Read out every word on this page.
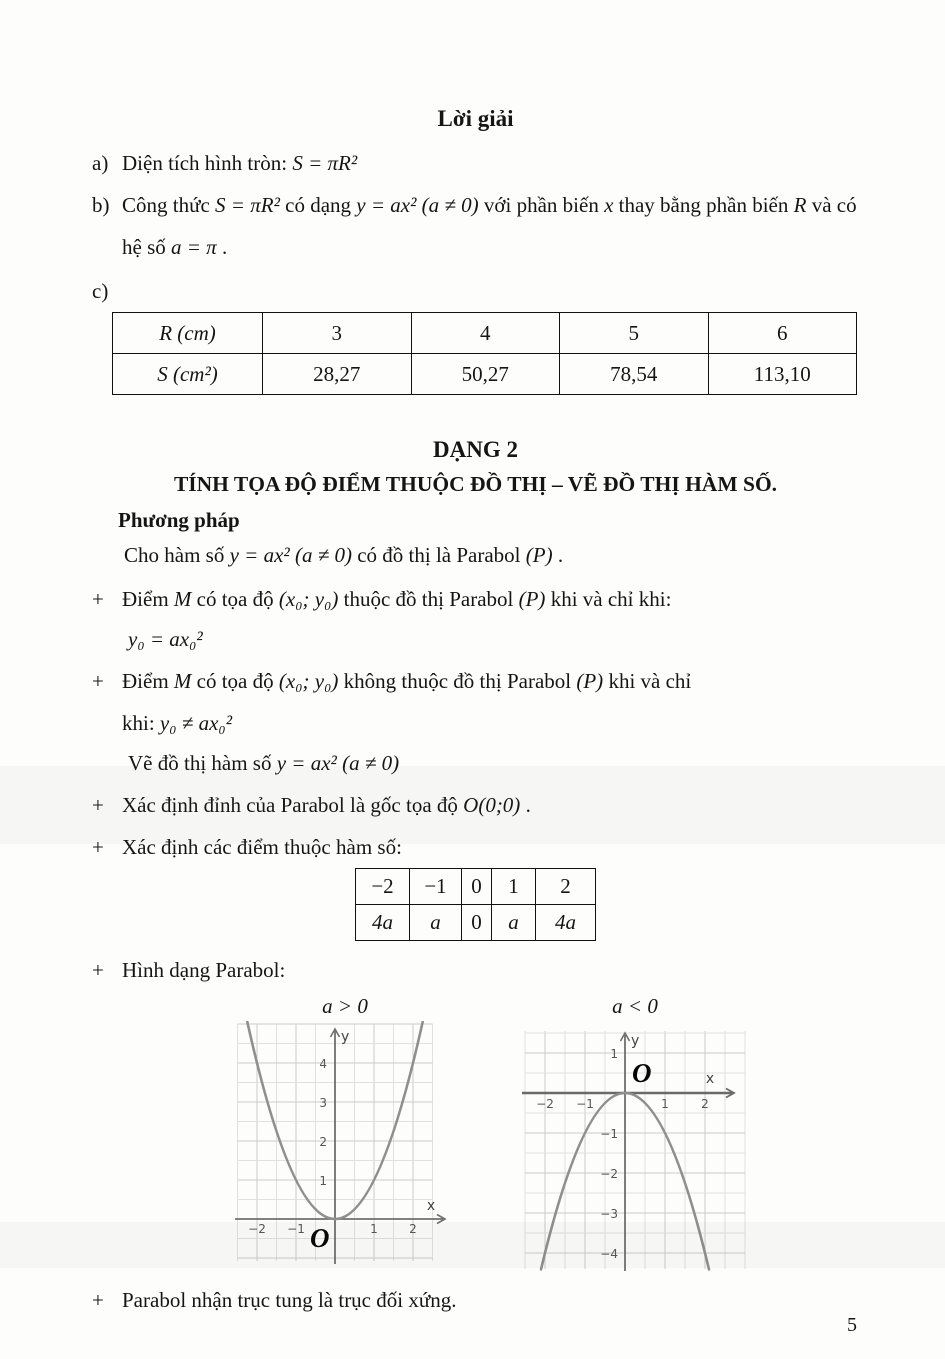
Lời giải
a) Diện tích hình tròn: S = πR²
b) Công thức S = πR² có dạng y = ax² (a ≠ 0) với phần biến x thay bằng phần biến R và có hệ số a = π .
c)
R (cm)	3	4	5	6
S (cm²)	28,27	50,27	78,54	113,10
DẠNG 2
TÍNH TỌA ĐỘ ĐIỂM THUỘC ĐỒ THỊ – VẼ ĐỒ THỊ HÀM SỐ.
Phương pháp
Cho hàm số y = ax² (a ≠ 0) có đồ thị là Parabol (P) .
+ Điểm M có tọa độ (x₀; y₀) thuộc đồ thị Parabol (P) khi và chỉ khi:
y₀ = ax₀²
+ Điểm M có tọa độ (x₀; y₀) không thuộc đồ thị Parabol (P) khi và chỉ
khi: y₀ ≠ ax₀²
Vẽ đồ thị hàm số y = ax² (a ≠ 0)
+ Xác định đỉnh của Parabol là gốc tọa độ O(0;0) .
+ Xác định các điểm thuộc hàm số:
−2	−1	0	1	2
4a	a	0	a	4a
+ Hình dạng Parabol:
a > 0
−2 −1	1	2
4
3
2
1
y
x
O
a < 0
−2 −1	1	2
1
−1
−2
−3
−4
y
x
O
+ Parabol nhận trục tung là trục đối xứng.
5
